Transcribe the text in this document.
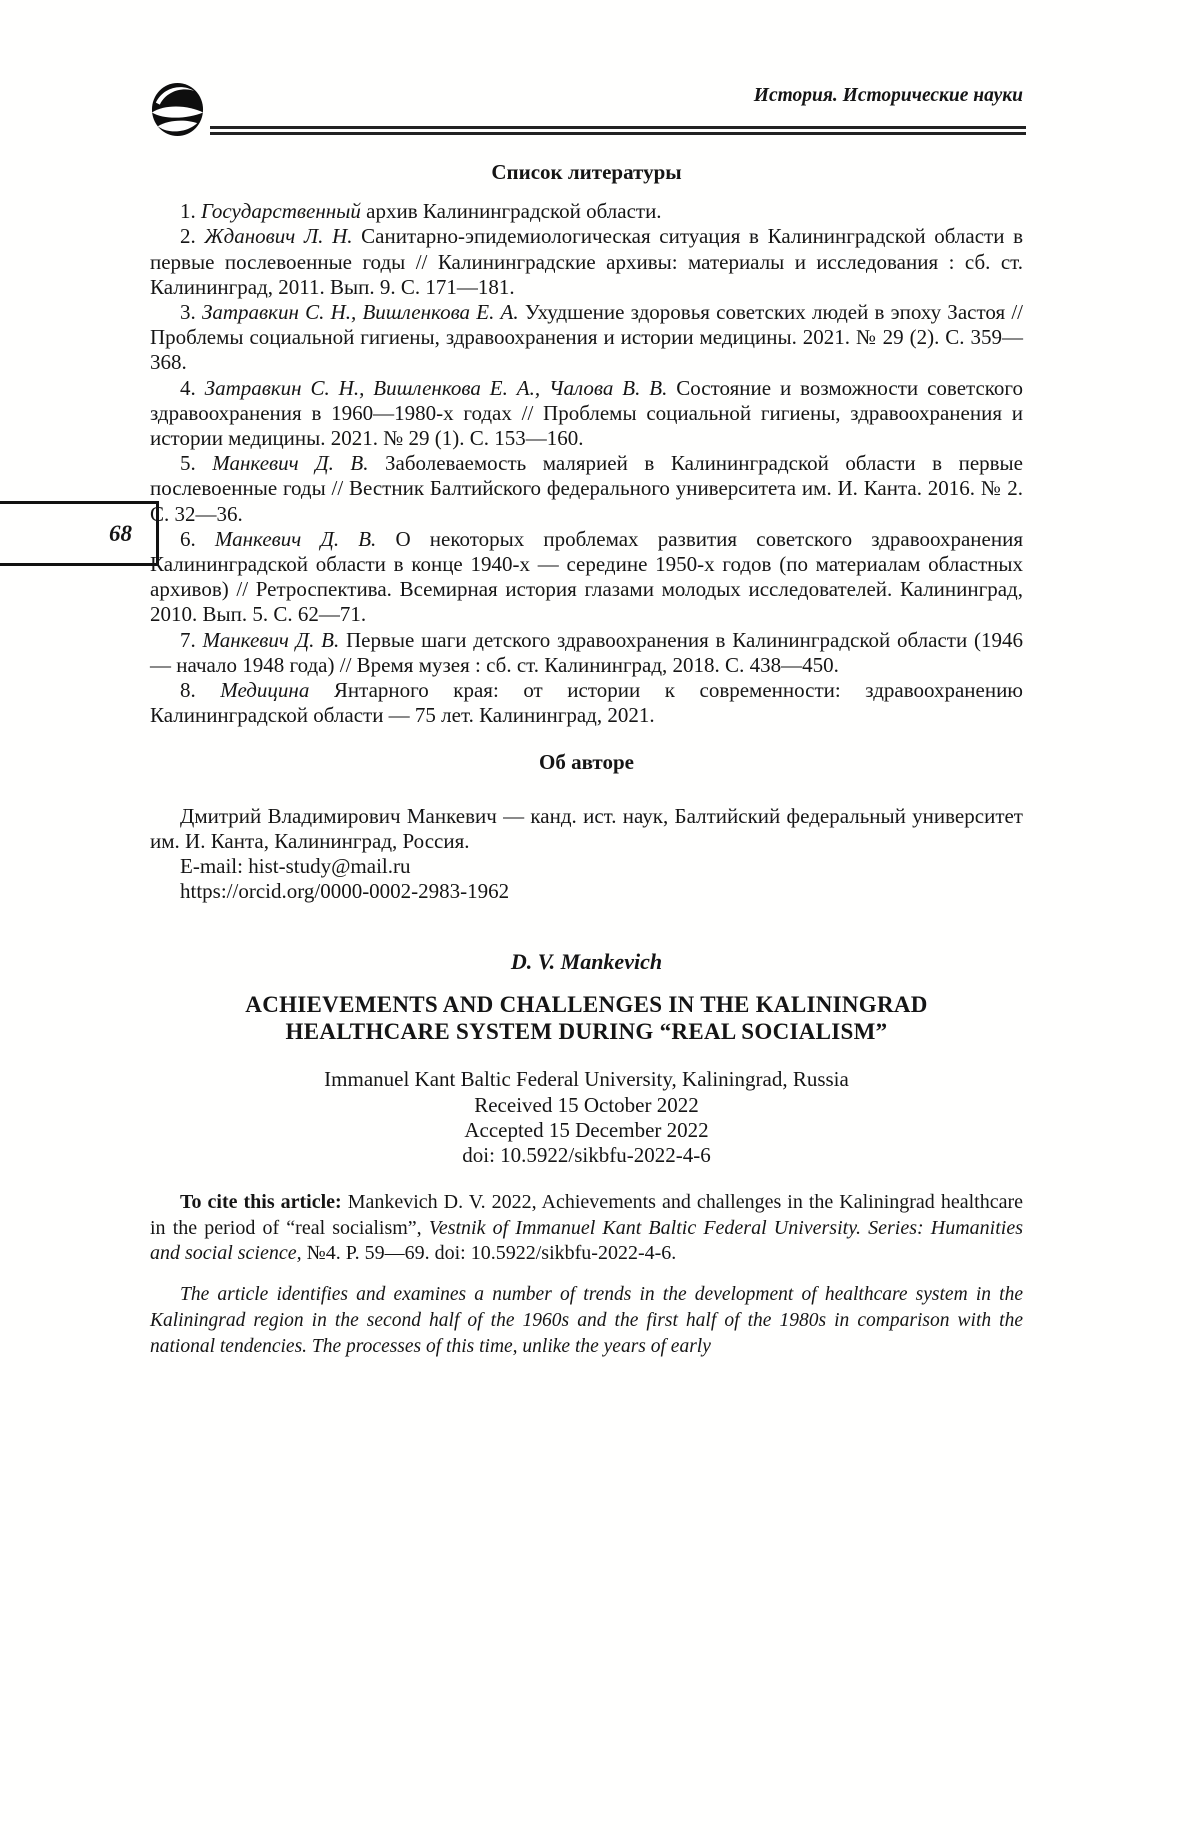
История. Исторические науки
68
Список литературы

1. Государственный архив Калининградской области.

2. Жданович Л. Н. Санитарно-эпидемиологическая ситуация в Калининградской области в первые послевоенные годы // Калининградские архивы: материалы и исследования : сб. ст. Калининград, 2011. Вып. 9. С. 171—181.

3. Затравкин С. Н., Вишленкова Е. А. Ухудшение здоровья советских людей в эпоху Застоя // Проблемы социальной гигиены, здравоохранения и истории медицины. 2021. № 29 (2). С. 359—368.

4. Затравкин С. Н., Вишленкова Е. А., Чалова В. В. Состояние и возможности советского здравоохранения в 1960—1980-х годах // Проблемы социальной гигиены, здравоохранения и истории медицины. 2021. № 29 (1). С. 153—160.

5. Манкевич Д. В. Заболеваемость малярией в Калининградской области в первые послевоенные годы // Вестник Балтийского федерального университета им. И. Канта. 2016. № 2. С. 32—36.

6. Манкевич Д. В. О некоторых проблемах развития советского здравоохранения Калининградской области в конце 1940-х — середине 1950-х годов (по материалам областных архивов) // Ретроспектива. Всемирная история глазами молодых исследователей. Калининград, 2010. Вып. 5. С. 62—71.

7. Манкевич Д. В. Первые шаги детского здравоохранения в Калининградской области (1946 — начало 1948 года) // Время музея : сб. ст. Калининград, 2018. С. 438—450.

8. Медицина Янтарного края: от истории к современности: здравоохранению Калининградской области — 75 лет. Калининград, 2021.

Об авторе

Дмитрий Владимирович Манкевич — канд. ист. наук, Балтийский федеральный университет им. И. Канта, Калининград, Россия.

E-mail: hist-study@mail.ru

https://orcid.org/0000-0002-2983-1962

D. V. Mankevich
ACHIEVEMENTS AND CHALLENGES IN THE KALININGRAD HEALTHCARE SYSTEM DURING “REAL SOCIALISM”
Immanuel Kant Baltic Federal University, Kaliningrad, Russia
Received 15 October 2022
Accepted 15 December 2022
doi: 10.5922/sikbfu-2022-4-6

To cite this article: Mankevich D. V. 2022, Achievements and challenges in the Kaliningrad healthcare in the period of “real socialism”, Vestnik of Immanuel Kant Baltic Federal University. Series: Humanities and social science, №4. P. 59—69. doi: 10.5922/sikbfu-2022-4-6.

The article identifies and examines a number of trends in the development of healthcare system in the Kaliningrad region in the second half of the 1960s and the first half of the 1980s in comparison with the national tendencies. The processes of this time, unlike the years of early
